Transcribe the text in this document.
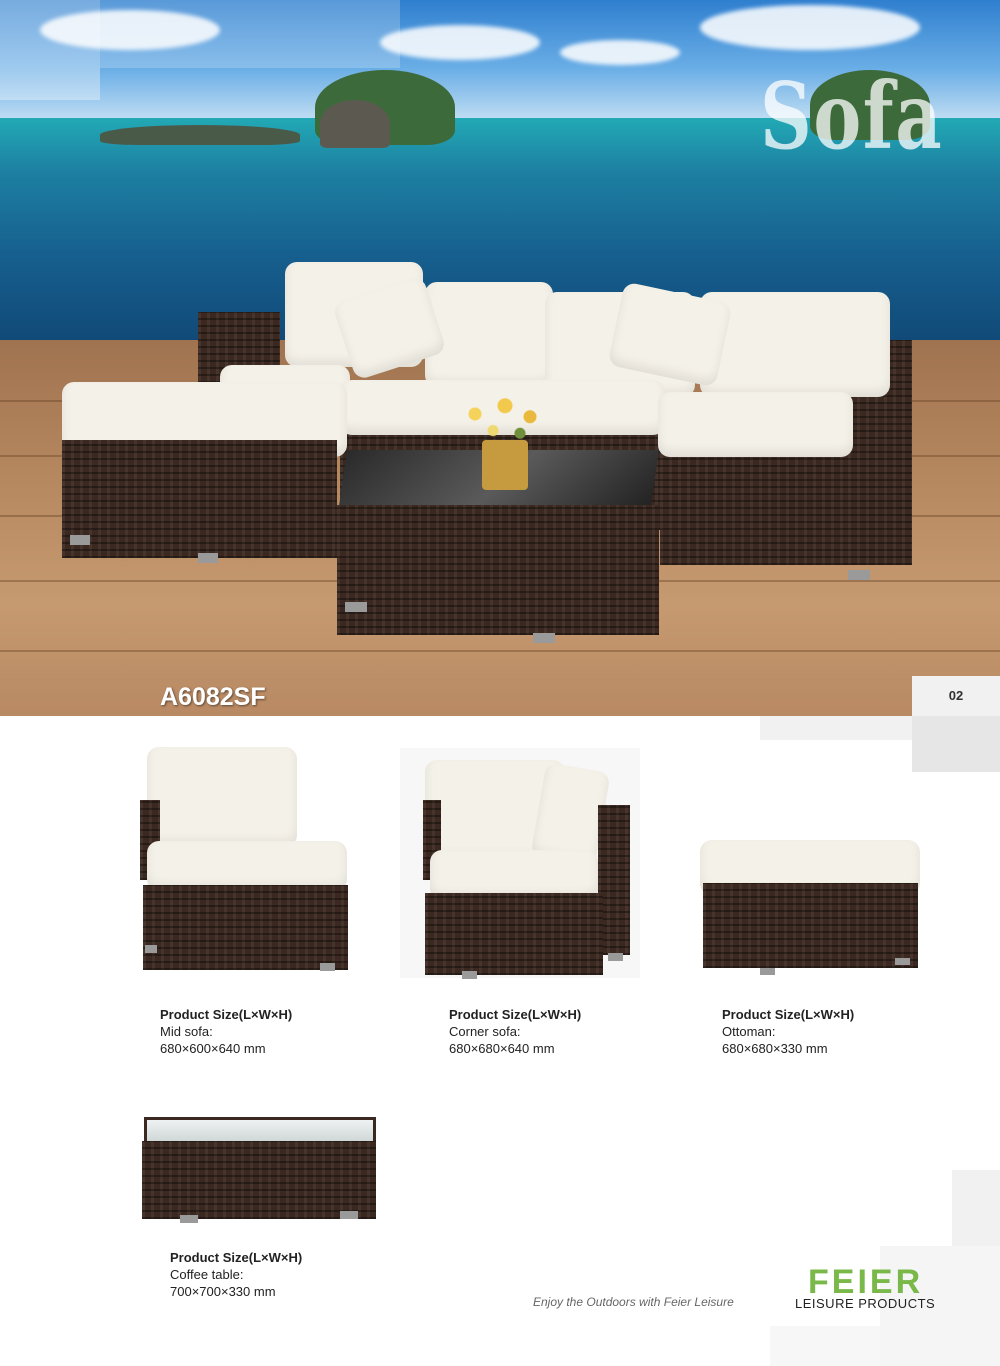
Sofa
A6082SF	02
Product Size(L×W×H)
Mid sofa:
680×600×640 mm
Product Size(L×W×H)
Corner sofa:
680×680×640 mm
Product Size(L×W×H)
Ottoman:
680×680×330 mm
Product Size(L×W×H)
Coffee table:
700×700×330 mm
Enjoy the Outdoors with Feier Leisure
FEIER
LEISURE PRODUCTS
